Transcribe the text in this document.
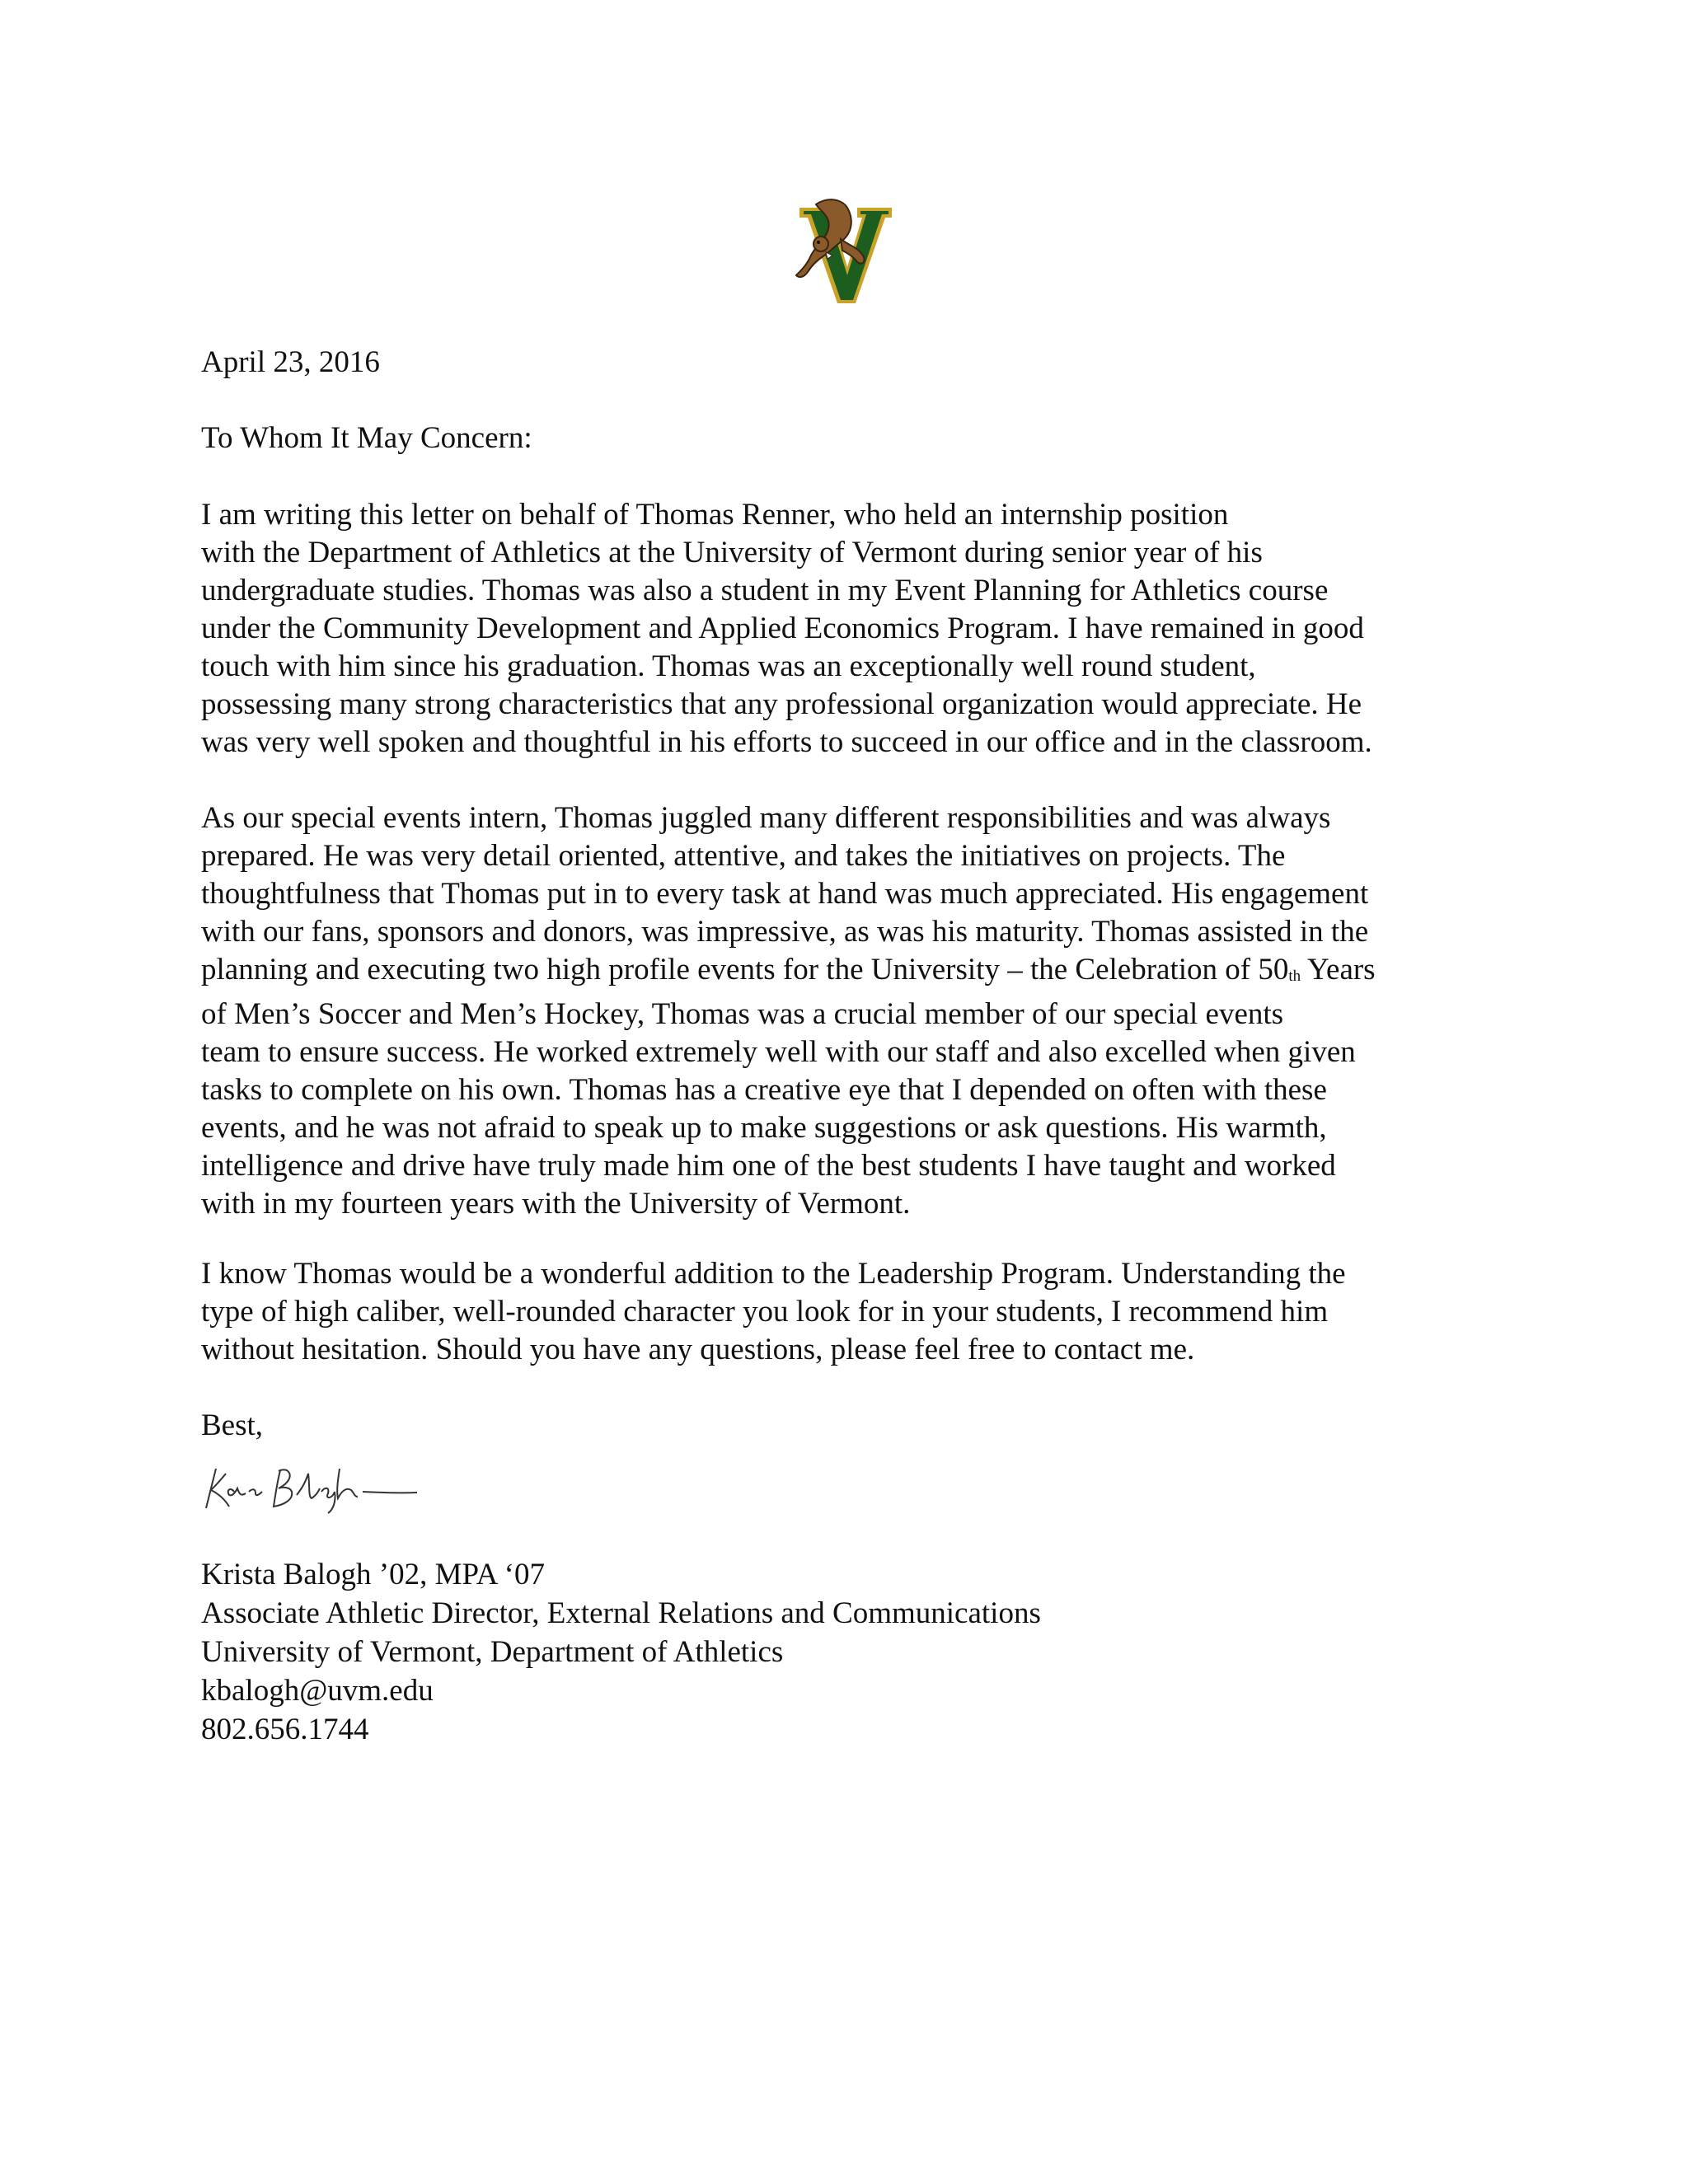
April 23, 2016

To Whom It May Concern:

I am writing this letter on behalf of Thomas Renner, who held an internship position
with the Department of Athletics at the University of Vermont during senior year of his
undergraduate studies. Thomas was also a student in my Event Planning for Athletics course
under the Community Development and Applied Economics Program. I have remained in good
touch with him since his graduation. Thomas was an exceptionally well round student,
possessing many strong characteristics that any professional organization would appreciate. He
was very well spoken and thoughtful in his efforts to succeed in our office and in the classroom.
As our special events intern, Thomas juggled many different responsibilities and was always
prepared. He was very detail oriented, attentive, and takes the initiatives on projects. The
thoughtfulness that Thomas put in to every task at hand was much appreciated. His engagement
with our fans, sponsors and donors, was impressive, as was his maturity. Thomas assisted in the
planning and executing two high profile events for the University – the Celebration of 50th Years
of Men’s Soccer and Men’s Hockey, Thomas was a crucial member of our special events
team to ensure success. He worked extremely well with our staff and also excelled when given
tasks to complete on his own. Thomas has a creative eye that I depended on often with these
events, and he was not afraid to speak up to make suggestions or ask questions. His warmth,
intelligence and drive have truly made him one of the best students I have taught and worked
with in my fourteen years with the University of Vermont.
I know Thomas would be a wonderful addition to the Leadership Program. Understanding the
type of high caliber, well-rounded character you look for in your students, I recommend him
without hesitation. Should you have any questions, please feel free to contact me.

Best,

Krista Balogh ’02, MPA ‘07
Associate Athletic Director, External Relations and Communications
University of Vermont, Department of Athletics
kbalogh@uvm.edu
802.656.1744
